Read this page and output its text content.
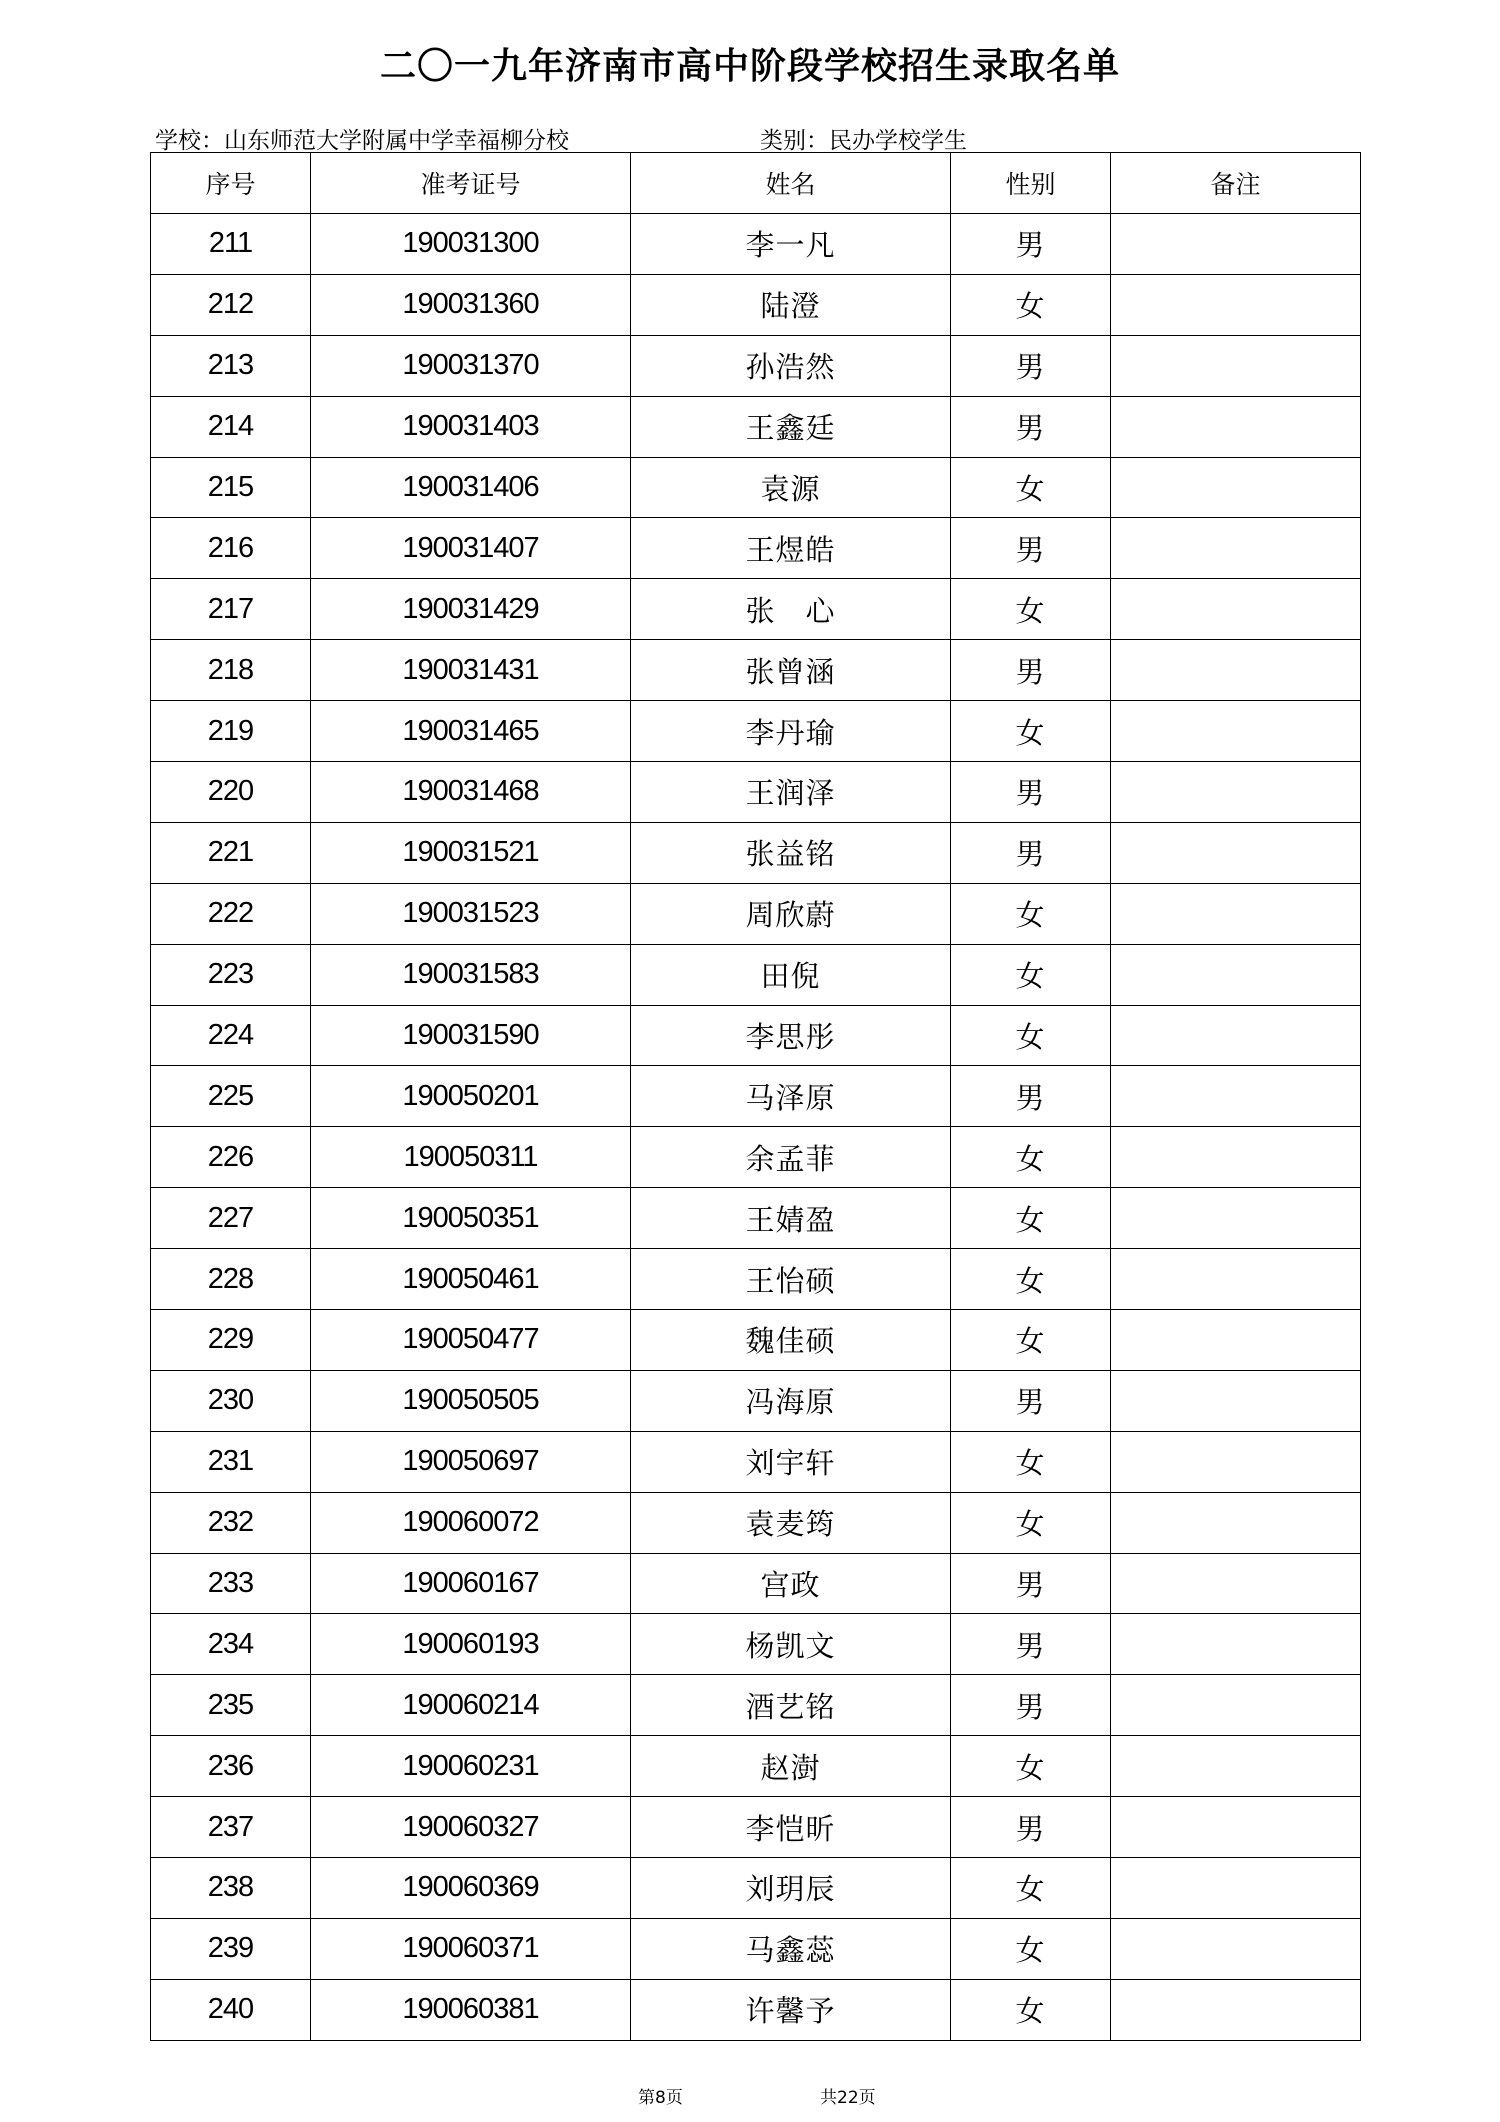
二〇一九年济南市高中阶段学校招生录取名单
学校：山东师范大学附属中学幸福柳分校	类别：民办学校学生
序号	准考证号	姓名	性别	备注
211	190031300	李一凡	男	
212	190031360	陆澄	女	
213	190031370	孙浩然	男	
214	190031403	王鑫廷	男	
215	190031406	袁源	女	
216	190031407	王煜皓	男	
217	190031429	张　心	女	
218	190031431	张曾涵	男	
219	190031465	李丹瑜	女	
220	190031468	王润泽	男	
221	190031521	张益铭	男	
222	190031523	周欣蔚	女	
223	190031583	田倪	女	
224	190031590	李思彤	女	
225	190050201	马泽原	男	
226	190050311	余孟菲	女	
227	190050351	王婧盈	女	
228	190050461	王怡硕	女	
229	190050477	魏佳硕	女	
230	190050505	冯海原	男	
231	190050697	刘宇轩	女	
232	190060072	袁麦筠	女	
233	190060167	宫政	男	
234	190060193	杨凯文	男	
235	190060214	酒艺铭	男	
236	190060231	赵澍	女	
237	190060327	李恺昕	男	
238	190060369	刘玥辰	女	
239	190060371	马鑫蕊	女	
240	190060381	许馨予	女	
第8页	共22页
